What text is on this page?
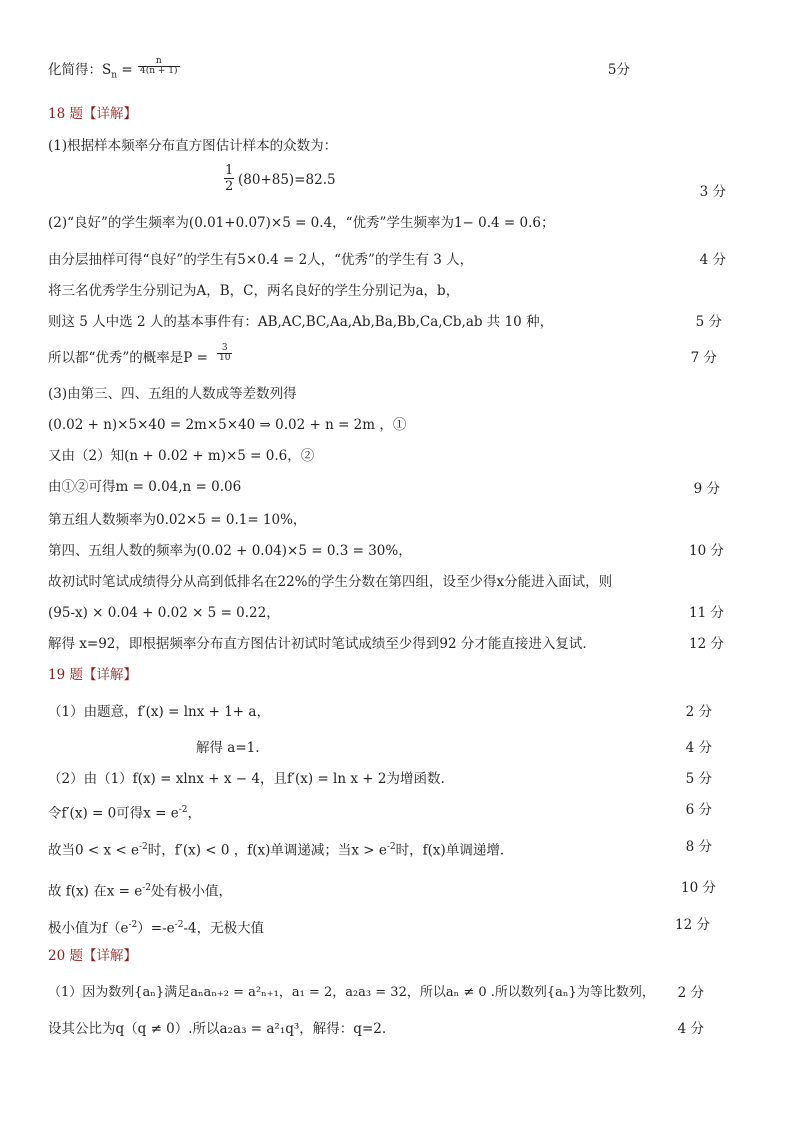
化简得：$S_n = \frac{n}{4(n + 1)}$	5分
18 题【详解】
(1)根据样本频率分布直方图估计样本的众数为：
$\frac{1}{2} (80+85)=82.5$
3 分
(2)“良好”的学生频率为(0.01+0.07)×5 = 0.4，“优秀”学生频率为1− 0.4 = 0.6；
由分层抽样可得“良好”的学生有5×0.4 = 2人，“优秀”的学生有 3 人，	4 分
将三名优秀学生分别记为A，B，C，两名良好的学生分别记为a，b，
则这 5 人中选 2 人的基本事件有：AB,AC,BC,Aa,Ab,Ba,Bb,Ca,Cb,ab 共 10 种，	5 分
所以都“优秀”的概率是$P = \frac{3}{10}$	7 分
(3)由第三、四、五组的人数成等差数列得
(0.02 + n)×5×40 = 2m×5×40 ⇒ 0.02 + n = 2m ，①
又由（2）知(n + 0.02 + m)×5 = 0.6，②
由①②可得m = 0.04,n = 0.06	9 分
第五组人数频率为0.02×5 = 0.1= 10%，
第四、五组人数的频率为(0.02 + 0.04)×5 = 0.3 = 30%，	10 分
故初试时笔试成绩得分从高到低排名在22%的学生分数在第四组，设至少得x分能进入面试，则
(95-x) × 0.04 + 0.02 × 5 = 0.22，	11 分
解得 x=92，即根据频率分布直方图估计初试时笔试成绩至少得到92 分才能直接进入复试．	12 分
19 题【详解】
（1）由题意，f′(x) = lnx + 1+ a，	2 分
解得 a=1.	4 分
（2）由（1）f(x) = xlnx + x − 4，且f′(x) = ln x + 2为增函数.	5 分
令f′(x) = 0可得$x = e^{-2}$，	6 分
故当$0 < x < e^{-2}$时，f′(x) < 0 ，f(x)单调递减；当$x > e^{-2}$时，f(x)单调递增.	8 分
故 f(x) 在$x = e^{-2}$处有极小值，	10 分
极小值为$f(e^{-2})=-e^{-2}-4$，无极大值	12 分
20 题【详解】
（1）因为数列{aₙ}满足aₙaₙ₊₂ = a²ₙ₊₁，a₁ = 2，a₂a₃ = 32，所以aₙ ≠ 0 .所以数列{aₙ}为等比数列，	2 分
设其公比为q（q ≠ 0）.所以a₂a₃ = a²₁q³，解得：q=2.	4 分
